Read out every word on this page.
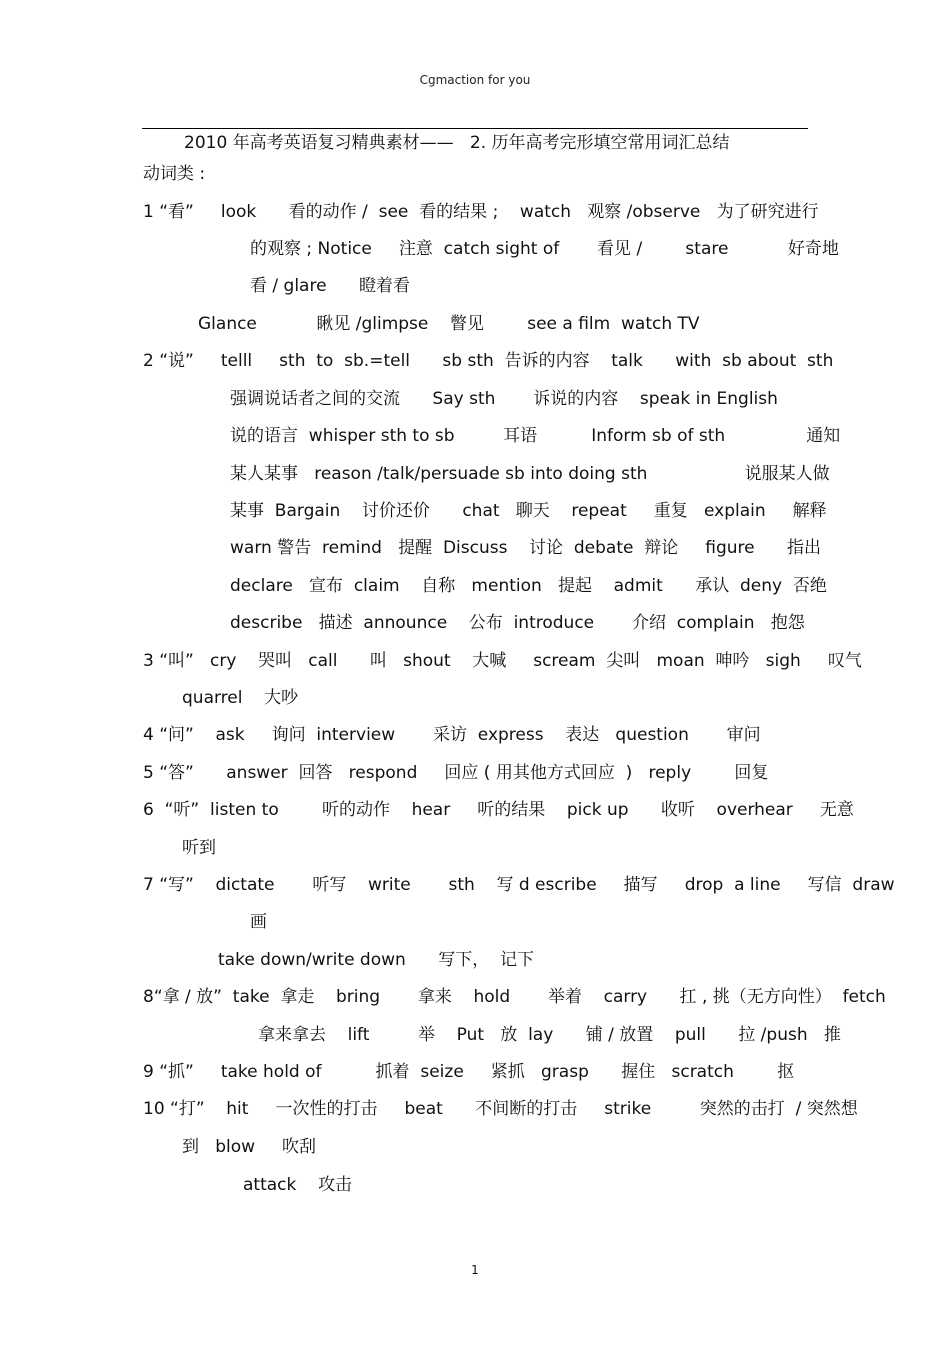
Cgmaction for you
2010 年高考英语复习精典素材——   2. 历年高考完形填空常用词汇总结
动词类 :
1 “看”     look      看的动作 /  see  看的结果 ;    watch   观察 /observe   为了研究进行
的观察 ; Notice     注意  catch sight of       看见 /        stare           好奇地
看 / glare      瞪着看
Glance           瞅见 /glimpse    瞥见        see a film  watch TV
2 “说”     telll     sth  to  sb.=tell      sb sth  告诉的内容    talk      with  sb about  sth
强调说话者之间的交流      Say sth       诉说的内容    speak in English
说的语言  whisper sth to sb         耳语          Inform sb of sth               通知
某人某事   reason /talk/persuade sb into doing sth                  说服某人做
某事  Bargain    讨价还价      chat   聊天    repeat     重复   explain     解释
warn 警告  remind   提醒  Discuss    讨论  debate  辩论     figure      指出
declare   宣布  claim    自称   mention   提起    admit      承认  deny  否绝
describe   描述  announce    公布  introduce       介绍  complain   抱怨
3 “叫”   cry    哭叫   call      叫   shout    大喊     scream  尖叫   moan  呻吟   sigh     叹气
quarrel    大吵
4 “问”    ask     询问  interview       采访  express    表达   question       审问
5 “答”      answer  回答   respond     回应 ( 用其他方式回应  )   reply        回复
6  “听”  listen to        听的动作    hear     听的结果    pick up      收听    overhear     无意
听到
7 “写”    dictate       听写    write       sth    写 d escribe     描写     drop  a line     写信  draw
画
take down/write down      写下，  记下
8“拿 / 放”  take  拿走    bring       拿来    hold       举着    carry      扛 , 挑（无方向性）  fetch
拿来拿去    lift         举    Put   放  lay      铺 / 放置    pull      拉 /push   推
9 “抓”     take hold of          抓着  seize     紧抓   grasp      握住   scratch        抠
10 “打”    hit     一次性的打击     beat      不间断的打击     strike         突然的击打  / 突然想
到   blow     吹刮
attack    攻击
1
